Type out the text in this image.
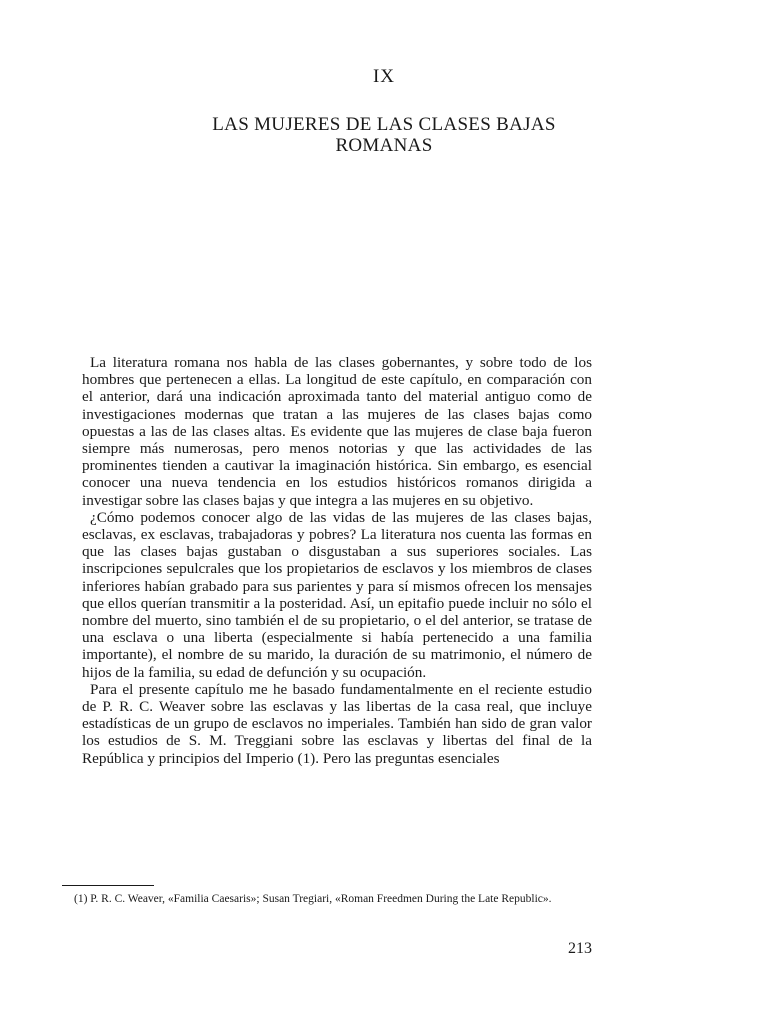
IX
LAS MUJERES DE LAS CLASES BAJAS
ROMANAS

La literatura romana nos habla de las clases gobernantes, y sobre todo de los hombres que pertenecen a ellas. La longitud de este capítulo, en comparación con el anterior, dará una indicación aproximada tanto del material antiguo como de investigaciones modernas que tratan a las mujeres de las clases bajas como opuestas a las de las clases altas. Es evidente que las mujeres de clase baja fueron siempre más numerosas, pero menos notorias y que las actividades de las prominentes tienden a cautivar la imaginación histórica. Sin embargo, es esencial conocer una nueva tendencia en los estudios históricos romanos dirigida a investigar sobre las clases bajas y que integra a las mujeres en su objetivo.

¿Cómo podemos conocer algo de las vidas de las mujeres de las clases bajas, esclavas, ex esclavas, trabajadoras y pobres? La literatura nos cuenta las formas en que las clases bajas gustaban o disgustaban a sus superiores sociales. Las inscripciones sepulcrales que los propietarios de esclavos y los miembros de clases inferiores habían grabado para sus parientes y para sí mismos ofrecen los mensajes que ellos querían transmitir a la posteridad. Así, un epitafio puede incluir no sólo el nombre del muerto, sino también el de su propietario, o el del anterior, se tratase de una esclava o una liberta (especialmente si había pertenecido a una familia importante), el nombre de su marido, la duración de su matrimonio, el número de hijos de la familia, su edad de defunción y su ocupación.

Para el presente capítulo me he basado fundamentalmente en el reciente estudio de P. R. C. Weaver sobre las esclavas y las libertas de la casa real, que incluye estadísticas de un grupo de esclavos no imperiales. También han sido de gran valor los estudios de S. M. Treggiani sobre las esclavas y libertas del final de la República y principios del Imperio (1). Pero las preguntas esenciales

(1) P. R. C. Weaver, «Familia Caesaris»; Susan Tregiari, «Roman Freedmen During the Late Republic».
213
